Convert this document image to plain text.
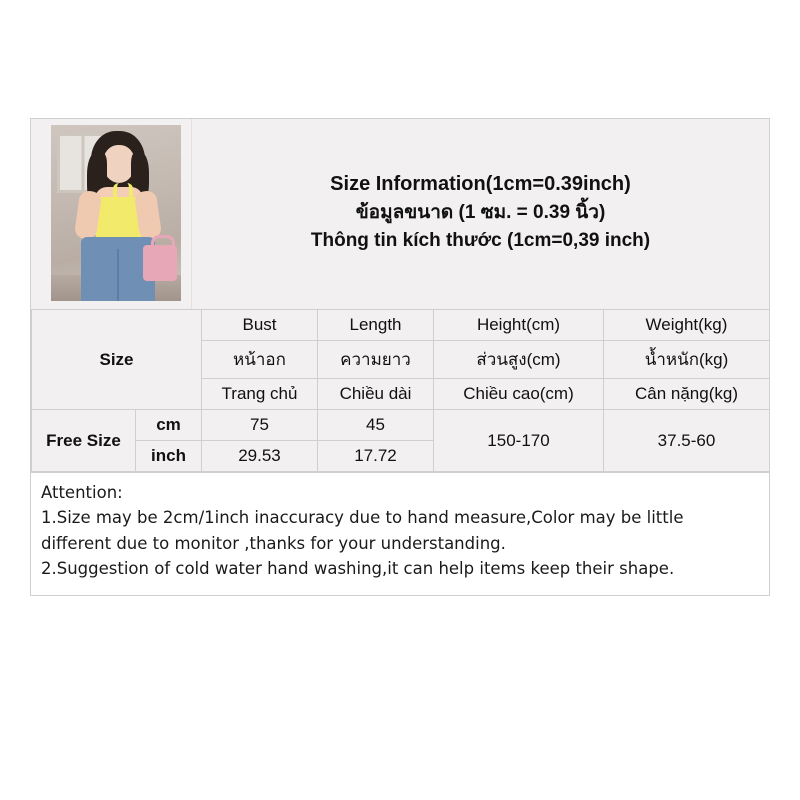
Size Information(1cm=0.39inch)
ข้อมูลขนาด (1 ซม. = 0.39 นิ้ว)
Thông tin kích thước (1cm=0,39 inch)
Size		Bust	Length	Height(cm)	Weight(kg)
		หน้าอก	ความยาว	ส่วนสูง(cm)	น้ำหนัก(kg)
		Trang chủ	Chiều dài	Chiều cao(cm)	Cân nặng(kg)
Free Size	cm	75	45	150-170	37.5-60
	inch	29.53	17.72		

Attention:

1.Size may be 2cm/1inch inaccuracy due to hand measure,Color may be little

different due to monitor ,thanks for your understanding.

2.Suggestion of cold water hand washing,it can help items keep their shape.
